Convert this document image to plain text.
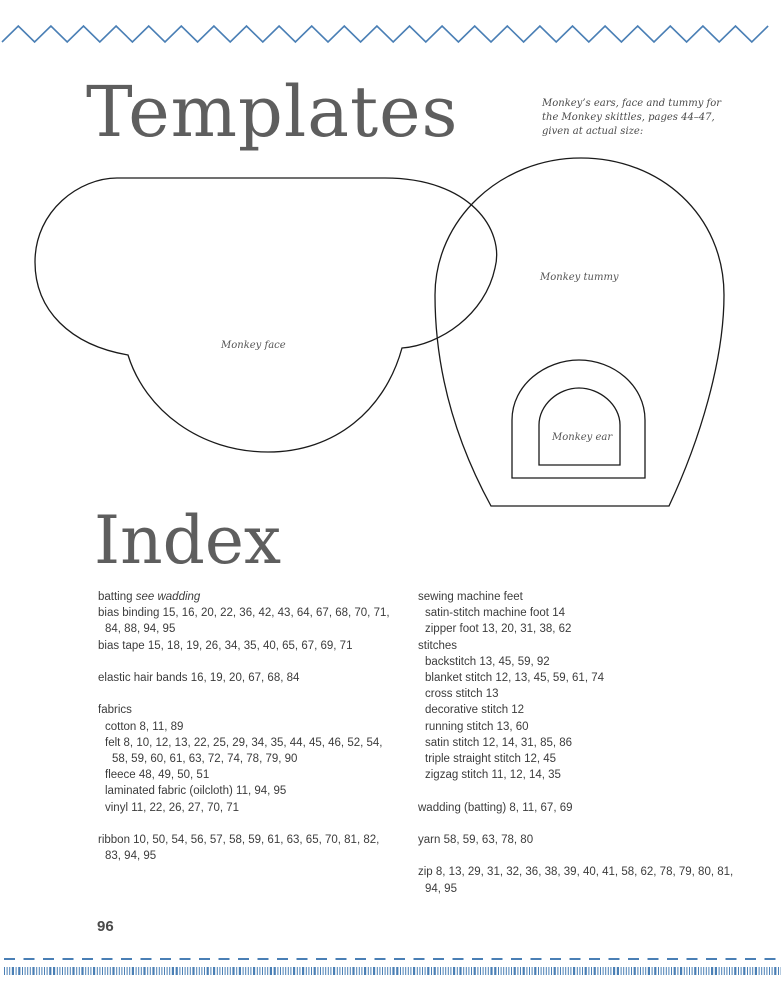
Templates	Monkey’s ears, face and tummy for
the Monkey skittles, pages 44–47,
given at actual size:
Monkey face
Monkey tummy
Monkey ear
Index
batting see wadding
bias binding 15, 16, 20, 22, 36, 42, 43, 64, 67, 68, 70, 71, 84, 88, 94, 95
bias tape 15, 18, 19, 26, 34, 35, 40, 65, 67, 69, 71
elastic hair bands 16, 19, 20, 67, 68, 84
fabrics
cotton 8, 11, 89
felt 8, 10, 12, 13, 22, 25, 29, 34, 35, 44, 45, 46, 52, 54, 58, 59, 60, 61, 63, 72, 74, 78, 79, 90
fleece 48, 49, 50, 51
laminated fabric (oilcloth) 11, 94, 95
vinyl 11, 22, 26, 27, 70, 71
ribbon 10, 50, 54, 56, 57, 58, 59, 61, 63, 65, 70, 81, 82, 83, 94, 95
sewing machine feet
satin-stitch machine foot 14
zipper foot 13, 20, 31, 38, 62
stitches
backstitch 13, 45, 59, 92
blanket stitch 12, 13, 45, 59, 61, 74
cross stitch 13
decorative stitch 12
running stitch 13, 60
satin stitch 12, 14, 31, 85, 86
triple straight stitch 12, 45
zigzag stitch 11, 12, 14, 35
wadding (batting) 8, 11, 67, 69
yarn 58, 59, 63, 78, 80
zip 8, 13, 29, 31, 32, 36, 38, 39, 40, 41, 58, 62, 78, 79, 80, 81, 94, 95
96
